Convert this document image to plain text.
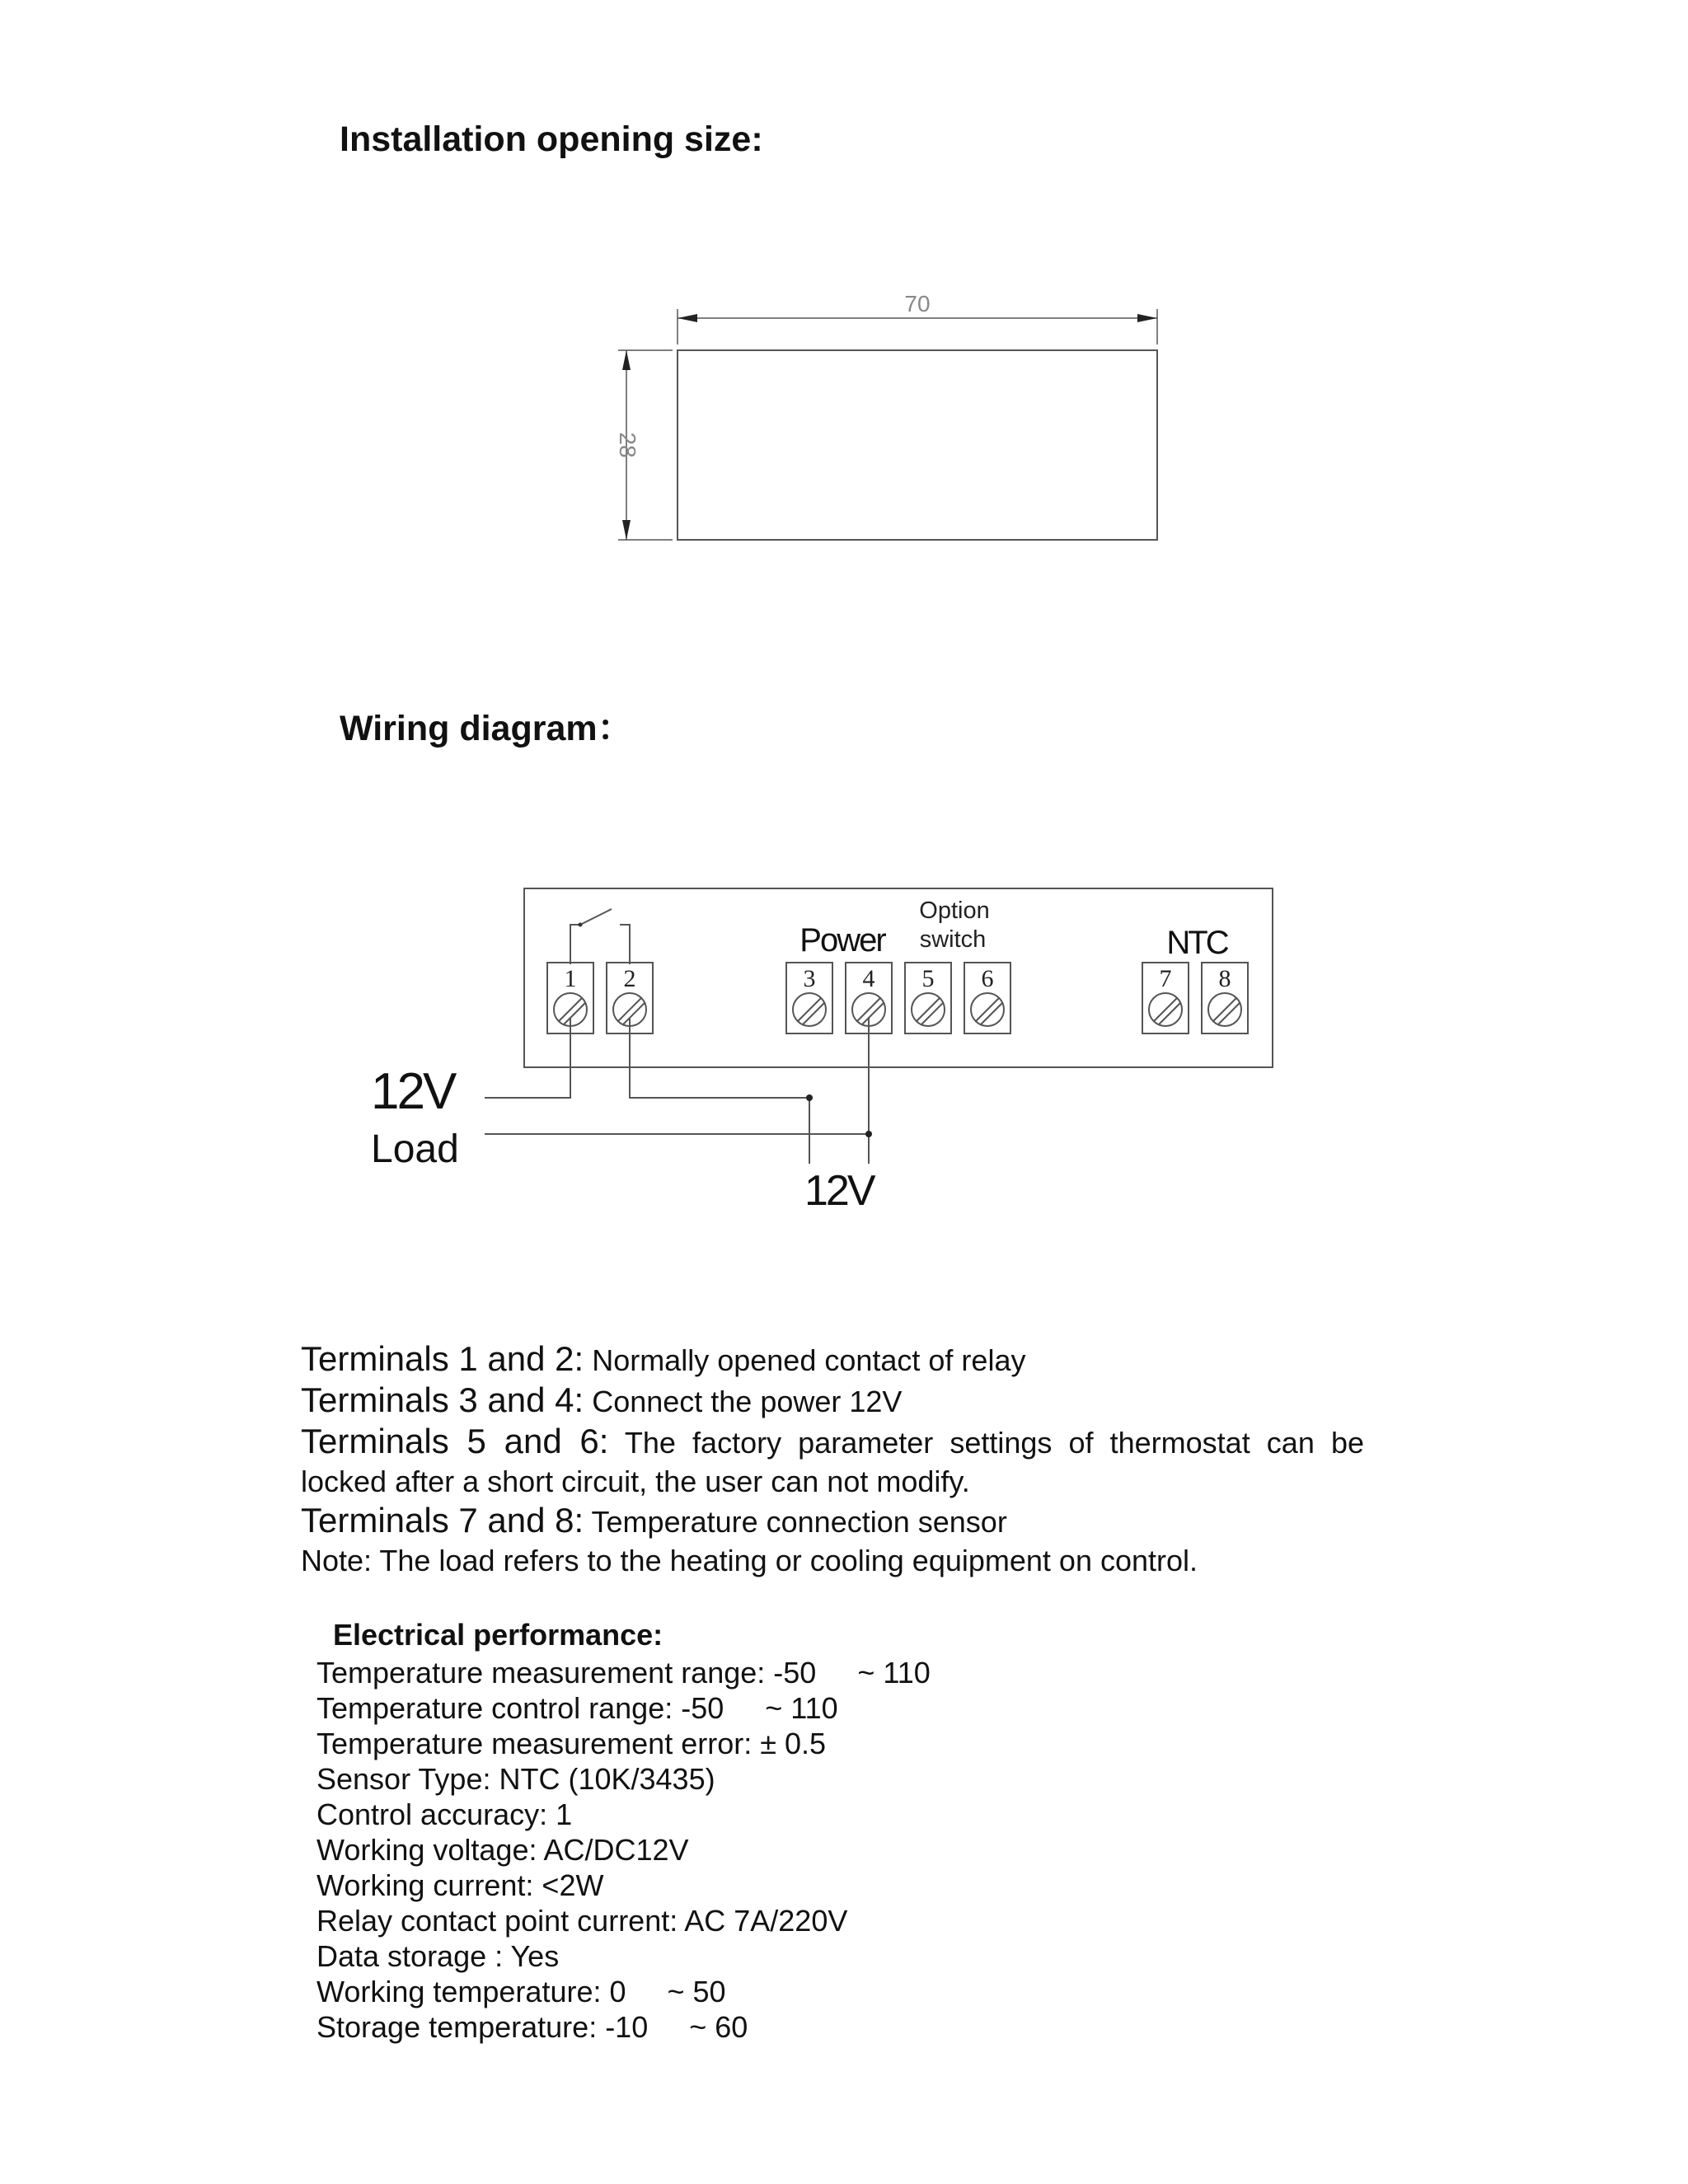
Installation opening size:
70
28
1 2	3 4 5 6	7 8
Power
Option
switch	NTC
12V
Load
12V
Wiring diagram：
Terminals 1 and 2: Normally opened contact of relay
Terminals 3 and 4: Connect the power 12V
Terminals 5 and 6: The factory parameter settings of thermostat can be
locked after a short circuit, the user can not modify.
Terminals 7 and 8: Temperature connection sensor
Note: The load refers to the heating or cooling equipment on control.
Electrical performance:
Temperature measurement range: -50     ~ 110
Temperature control range: -50     ~ 110
Temperature measurement error: ± 0.5
Sensor Type: NTC (10K/3435)
Control accuracy: 1
Working voltage: AC/DC12V
Working current: <2W
Relay contact point current: AC 7A/220V
Data storage : Yes
Working temperature: 0     ~ 50
Storage temperature: -10     ~ 60
